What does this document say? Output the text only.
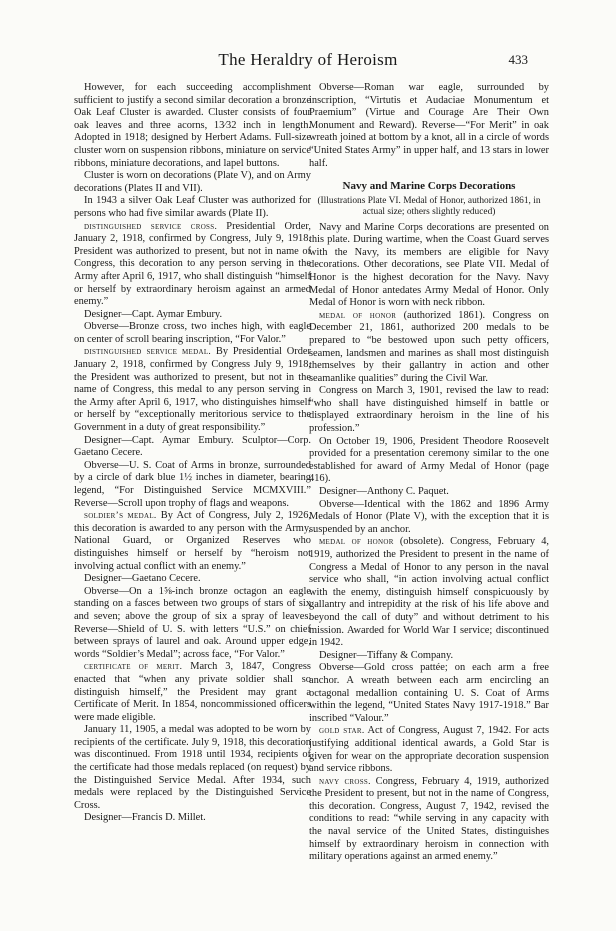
The Heraldry of Heroism	433

However, for each succeeding accomplishment sufficient to justify a second similar decoration a bronze Oak Leaf Cluster is awarded. Cluster consists of four oak leaves and three acorns, 13⁄32 inch in length. Adopted in 1918; designed by Herbert Adams. Full-size cluster worn on suspension ribbons, miniature on service ribbons, miniature decorations, and lapel buttons.

Cluster is worn on decorations (Plate V), and on Army decorations (Plates II and VII).

In 1943 a silver Oak Leaf Cluster was authorized for persons who had five similar awards (Plate II).

distinguished service cross. Presidential Order, January 2, 1918, confirmed by Congress, July 9, 1918. President was authorized to present, but not in name of Congress, this decoration to any person serving in the Army after April 6, 1917, who shall distinguish “himself or herself by extraordinary heroism against an armed enemy.”

Designer—Capt. Aymar Embury.

Obverse—Bronze cross, two inches high, with eagle on center of scroll bearing inscription, “For Valor.”

distinguished service medal. By Presidential Order January 2, 1918, confirmed by Congress July 9, 1918, the President was authorized to present, but not in the name of Congress, this medal to any person serving in the Army after April 6, 1917, who distinguishes himself or herself by “exceptionally meritorious service to the Government in a duty of great responsibility.”

Designer—Capt. Aymar Embury. Sculptor—Corp. Gaetano Cecere.

Obverse—U. S. Coat of Arms in bronze, surrounded by a circle of dark blue 1½ inches in diameter, bearing legend, “For Distinguished Service MCMXVIII.” Reverse—Scroll upon trophy of flags and weapons.

soldier’s medal. By Act of Congress, July 2, 1926, this decoration is awarded to any person with the Army, National Guard, or Organized Reserves who distinguishes himself or herself by “heroism not involving actual conflict with an enemy.”

Designer—Gaetano Cecere.

Obverse—On a 1⅝-inch bronze octagon an eagle standing on a fasces between two groups of stars of six and seven; above the group of six a spray of leaves. Reverse—Shield of U. S. with letters “U.S.” on chief between sprays of laurel and oak. Around upper edge, words “Soldier’s Medal”; across face, “For Valor.”

certificate of merit. March 3, 1847, Congress enacted that “when any private soldier shall so distinguish himself,” the President may grant a Certificate of Merit. In 1854, noncommissioned officers were made eligible.

January 11, 1905, a medal was adopted to be worn by recipients of the certificate. July 9, 1918, this decoration was discontinued. From 1918 until 1934, recipients of the certificate had those medals replaced (on request) by the Distinguished Service Medal. After 1934, such medals were replaced by the Distinguished Service Cross.

Designer—Francis D. Millet.

Obverse—Roman war eagle, surrounded by inscription, “Virtutis et Audaciae Monumentum et Praemium” (Virtue and Courage Are Their Own Monument and Reward). Reverse—“For Merit” in oak wreath joined at bottom by a knot, all in a circle of words “United States Army” in upper half, and 13 stars in lower half.

Navy and Marine Corps Decorations

(Illustrations Plate VI. Medal of Honor, authorized 1861, in actual size; others slightly reduced)

Navy and Marine Corps decorations are presented on this plate. During wartime, when the Coast Guard serves with the Navy, its members are eligible for Navy decorations. Other decorations, see Plate VII. Medal of Honor is the highest decoration for the Navy. Navy Medal of Honor antedates Army Medal of Honor. Only Medal of Honor is worn with neck ribbon.

medal of honor (authorized 1861). Congress on December 21, 1861, authorized 200 medals to be prepared to “be bestowed upon such petty officers, seamen, landsmen and marines as shall most distinguish themselves by their gallantry in action and other seamanlike qualities” during the Civil War.

Congress on March 3, 1901, revised the law to read: “who shall have distinguished himself in battle or displayed extraordinary heroism in the line of his profession.”

On October 19, 1906, President Theodore Roosevelt provided for a presentation ceremony similar to the one established for award of Army Medal of Honor (page 416).

Designer—Anthony C. Paquet.

Obverse—Identical with the 1862 and 1896 Army Medals of Honor (Plate V), with the exception that it is suspended by an anchor.

medal of honor (obsolete). Congress, February 4, 1919, authorized the President to present in the name of Congress a Medal of Honor to any person in the naval service who shall, “in action involving actual conflict with the enemy, distinguish himself conspicuously by gallantry and intrepidity at the risk of his life above and beyond the call of duty” and without detriment to his mission. Awarded for World War I service; discontinued in 1942.

Designer—Tiffany & Company.

Obverse—Gold cross pattée; on each arm a free anchor. A wreath between each arm encircling an octagonal medallion containing U. S. Coat of Arms within the legend, “United States Navy 1917-1918.” Bar inscribed “Valour.”

gold star. Act of Congress, August 7, 1942. For acts justifying additional identical awards, a Gold Star is given for wear on the appropriate decoration suspension and service ribbons.

navy cross. Congress, February 4, 1919, authorized the President to present, but not in the name of Congress, this decoration. Congress, August 7, 1942, revised the conditions to read: “while serving in any capacity with the naval service of the United States, distinguishes himself by extraordinary heroism in connection with military operations against an armed enemy.”
